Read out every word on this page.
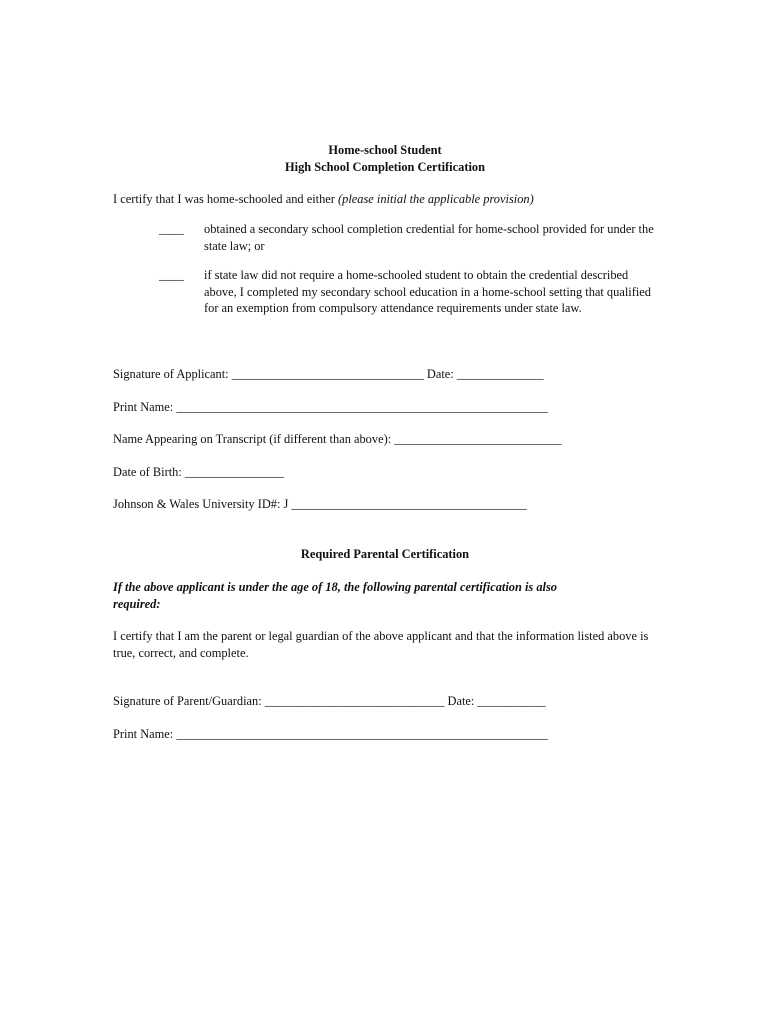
Home-school Student
High School Completion Certification
I certify that I was home-schooled and either (please initial the applicable provision)
____ obtained a secondary school completion credential for home-school provided for under the state law; or
____ if state law did not require a home-schooled student to obtain the credential described above, I completed my secondary school education in a home-school setting that qualified for an exemption from compulsory attendance requirements under state law.
Signature of Applicant: _______________________________ Date: ______________
Print Name: ____________________________________________________________
Name Appearing on Transcript (if different than above): ___________________________
Date of Birth: ________________
Johnson & Wales University ID#: J ______________________________________
Required Parental Certification
If the above applicant is under the age of 18, the following parental certification is also
required:
I certify that I am the parent or legal guardian of the above applicant and that the information listed above is true, correct, and complete.
Signature of Parent/Guardian: _____________________________ Date: ___________
Print Name: ____________________________________________________________
